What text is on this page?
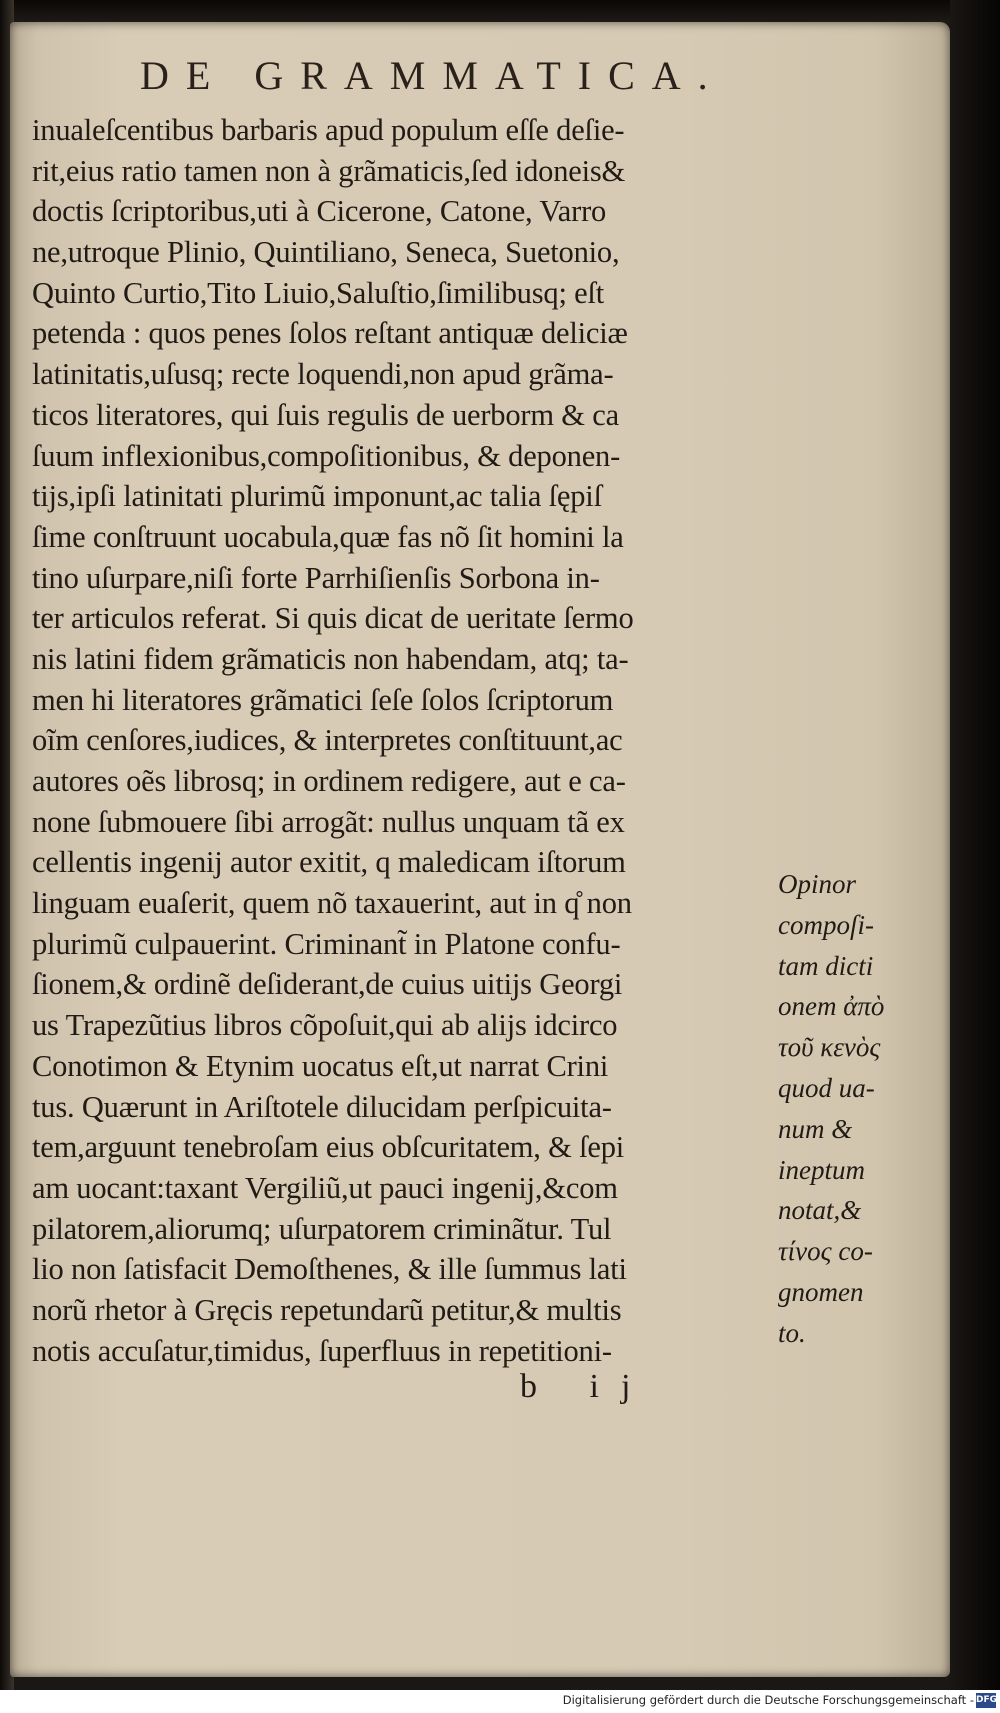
DE GRAMMATICA.
inualeſcentibus barbaris apud populum eſſe deſie-
rit,eius ratio tamen non à grãmaticis,ſed idoneis&
doctis ſcriptoribus,uti à Cicerone, Catone, Varro
ne,utroque Plinio, Quintiliano, Seneca, Suetonio,
Quinto Curtio,Tito Liuio,Saluſtio,ſimilibusq; eſt
petenda : quos penes ſolos reſtant antiquæ deliciæ
latinitatis,uſusq; recte loquendi,non apud grãma-
ticos literatores, qui ſuis regulis de uerborm & ca
ſuum inflexionibus,compoſitionibus, & deponen-
tijs,ipſi latinitati plurimũ imponunt,ac talia ſępiſ
ſime conſtruunt uocabula,quæ fas nõ ſit homini la
tino uſurpare,niſi forte Parrhiſienſis Sorbona in-
ter articulos referat. Si quis dicat de ueritate ſermo
nis latini fidem grãmaticis non habendam, atq; ta-
men hi literatores grãmatici ſeſe ſolos ſcriptorum
oĩm cenſores,iudices, & interpretes conſtituunt,ac
autores oẽs librosq; in ordinem redigere, aut e ca-
none ſubmouere ſibi arrogãt: nullus unquam tã ex
cellentis ingenij autor exitit, q maledicam iſtorum
linguam euaſerit, quem nõ taxauerint, aut in q̊ non
plurimũ culpauerint. Criminant̃ in Platone confu-
ſionem,& ordinẽ deſiderant,de cuius uitijs Georgi
us Trapezũtius libros cõpoſuit,qui ab alijs idcirco
Conotimon & Etynim uocatus eſt,ut narrat Crini
tus. Quærunt in Ariſtotele dilucidam perſpicuita-
tem,arguunt tenebroſam eius obſcuritatem, & ſepi
am uocant:taxant Vergiliũ,ut pauci ingenij,&com
pilatorem,aliorumq; uſurpatorem criminãtur. Tul
lio non ſatisfacit Demoſthenes, & ille ſummus lati
norũ rhetor à Gręcis repetundarũ petitur,& multis
notis accuſatur,timidus, ſuperfluus in repetitioni-
Opinor
compoſi-
tam dicti
onem ἀπὸ
τοῦ κενὸς
quod ua-
num &
ineptum
notat,&
τίνος co-
gnomen
to.
b ij
Digitalisierung gefördert durch die Deutsche Forschungsgemeinschaft - DFG
